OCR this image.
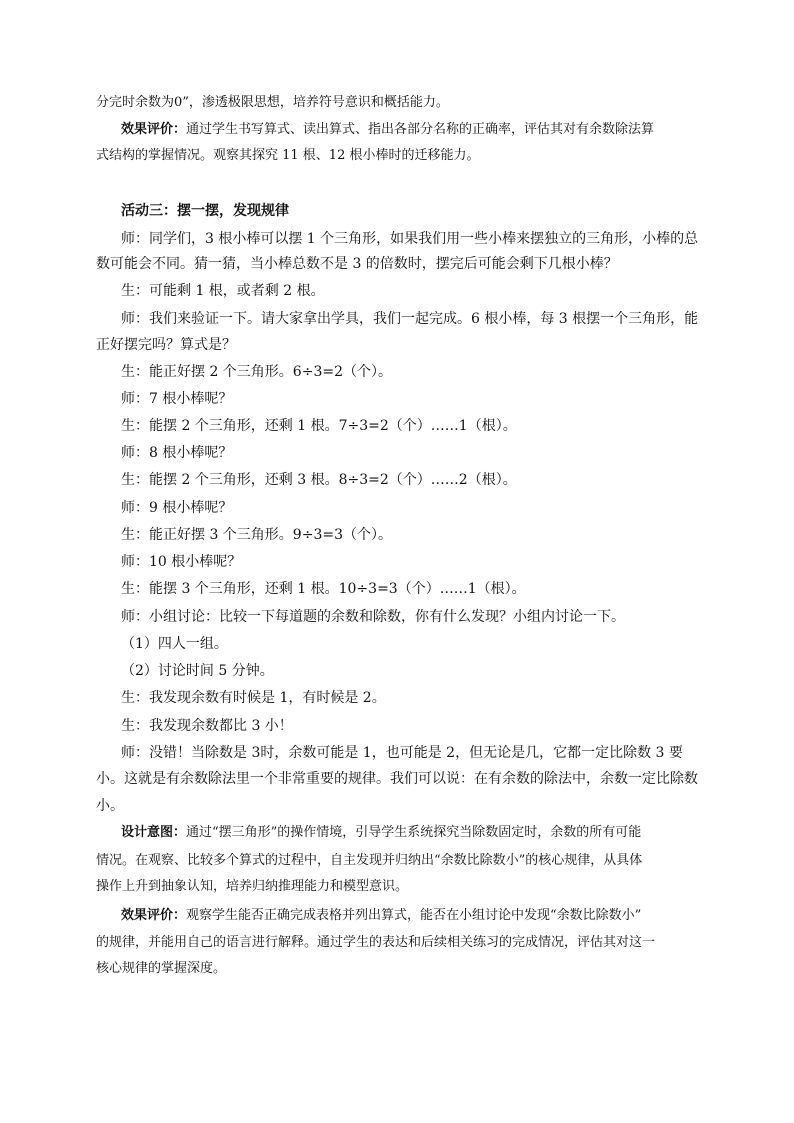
分完时余数为0”，渗透极限思想，培养符号意识和概括能力。
效果评价：通过学生书写算式、读出算式、指出各部分名称的正确率，评估其对有余数除法算
式结构的掌握情况。观察其探究 11 根、12 根小棒时的迁移能力。
活动三：摆一摆，发现规律
师：同学们，3 根小棒可以摆 1 个三角形，如果我们用一些小棒来摆独立的三角形，小棒的总
数可能会不同。猜一猜，当小棒总数不是 3 的倍数时，摆完后可能会剩下几根小棒？
生：可能剩 1 根，或者剩 2 根。
师：我们来验证一下。请大家拿出学具，我们一起完成。6 根小棒，每 3 根摆一个三角形，能
正好摆完吗？算式是？
生：能正好摆 2 个三角形。6÷3=2（个）。
师：7 根小棒呢？
生：能摆 2 个三角形，还剩 1 根。7÷3=2（个）……1（根）。
师：8 根小棒呢？
生：能摆 2 个三角形，还剩 3 根。8÷3=2（个）……2（根）。
师：9 根小棒呢？
生：能正好摆 3 个三角形。9÷3=3（个）。
师：10 根小棒呢？
生：能摆 3 个三角形，还剩 1 根。10÷3=3（个）……1（根）。
师：小组讨论：比较一下每道题的余数和除数，你有什么发现？小组内讨论一下。
（1）四人一组。
（2）讨论时间 5 分钟。
生：我发现余数有时候是 1，有时候是 2。
生：我发现余数都比 3 小！
师：没错！当除数是 3时，余数可能是 1，也可能是 2，但无论是几，它都一定比除数 3 要
小。这就是有余数除法里一个非常重要的规律。我们可以说：在有余数的除法中，余数一定比除数
小。
设计意图：通过“摆三角形”的操作情境，引导学生系统探究当除数固定时，余数的所有可能
情况。在观察、比较多个算式的过程中，自主发现并归纳出“余数比除数小”的核心规律，从具体
操作上升到抽象认知，培养归纳推理能力和模型意识。
效果评价：观察学生能否正确完成表格并列出算式，能否在小组讨论中发现“余数比除数小”
的规律，并能用自己的语言进行解释。通过学生的表达和后续相关练习的完成情况，评估其对这一
核心规律的掌握深度。
